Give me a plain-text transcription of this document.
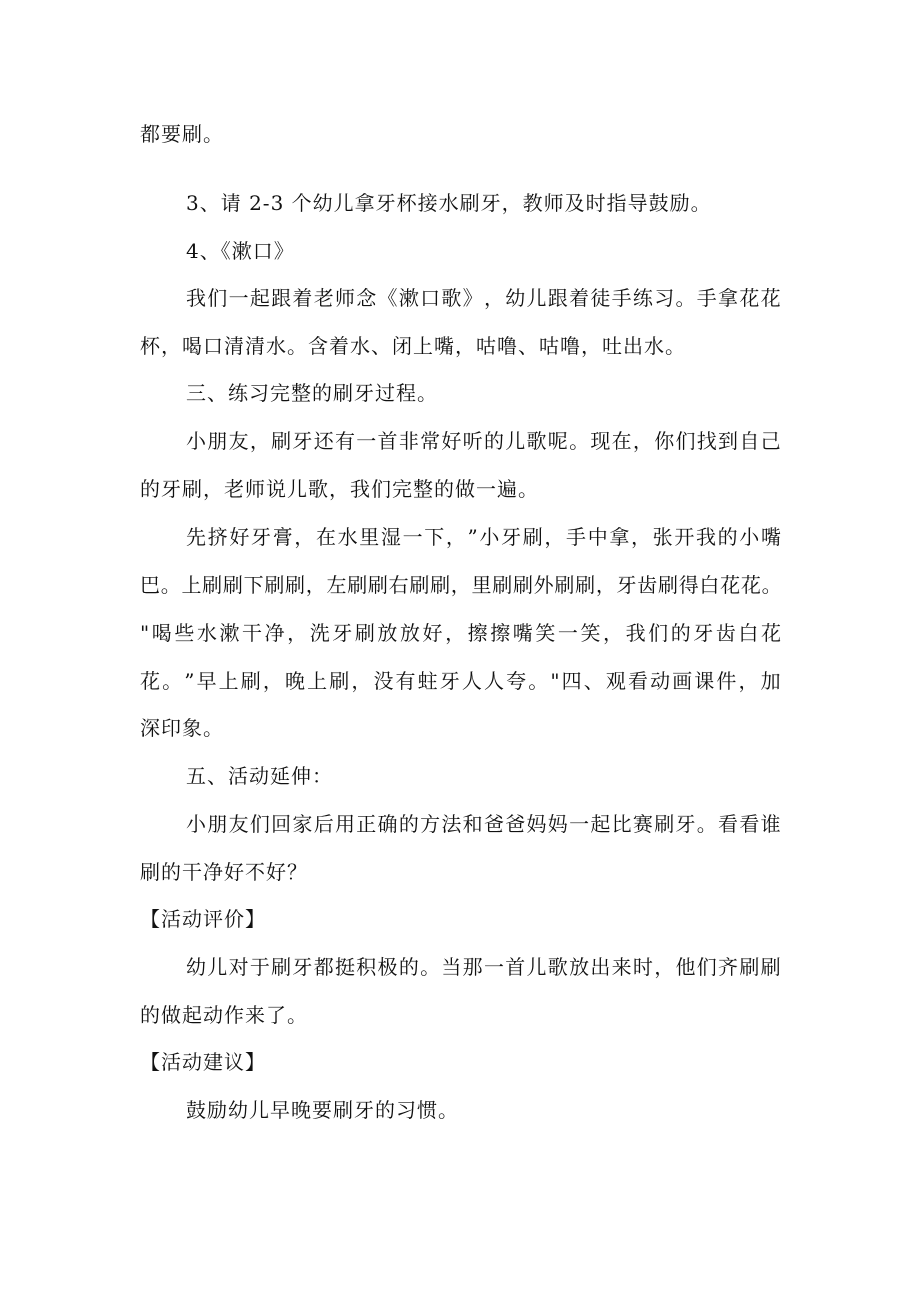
都要刷。
3、请 2-3 个幼儿拿牙杯接水刷牙，教师及时指导鼓励。
4、《漱口》
我 们 一 起 跟 着 老 师 念 《 漱 口 歌 》 ， 幼 儿 跟 着 徒 手 练 习 。 手 拿 花 花
杯，喝口清清水。含着水、闭上嘴，咕噜、咕噜，吐出水。
三、练习完整的刷牙过程。
小 朋 友 ， 刷 牙 还 有 一 首 非 常 好 听 的 儿 歌 呢 。 现 在 ， 你 们 找 到 自 己
的牙刷，老师说儿歌，我们完整的做一遍。
先 挤 好 牙 膏 ， 在 水 里 湿 一 下 ， ” 小 牙 刷 ， 手 中 拿 ， 张 开 我 的 小 嘴
巴 。 上 刷 刷 下 刷 刷 ， 左 刷 刷 右 刷 刷 ， 里 刷 刷 外 刷 刷 ， 牙 齿 刷 得 白 花 花 。
" 喝 些 水 漱 干 净 ， 洗 牙 刷 放 放 好 ， 擦 擦 嘴 笑 一 笑 ， 我 们 的 牙 齿 白 花
花 。 ” 早 上 刷 ， 晚 上 刷 ， 没 有 蛀 牙 人 人 夸 。 " 四 、 观 看 动 画 课 件 ， 加
深印象。
五、活动延伸：
小 朋 友 们 回 家 后 用 正 确 的 方 法 和 爸 爸 妈 妈 一 起 比 赛 刷 牙 。 看 看 谁
刷的干净好不好？
【活动评价】
幼 儿 对 于 刷 牙 都 挺 积 极 的 。 当 那 一 首 儿 歌 放 出 来 时 ， 他 们 齐 刷 刷
的做起动作来了。
【活动建议】
鼓励幼儿早晚要刷牙的习惯。
